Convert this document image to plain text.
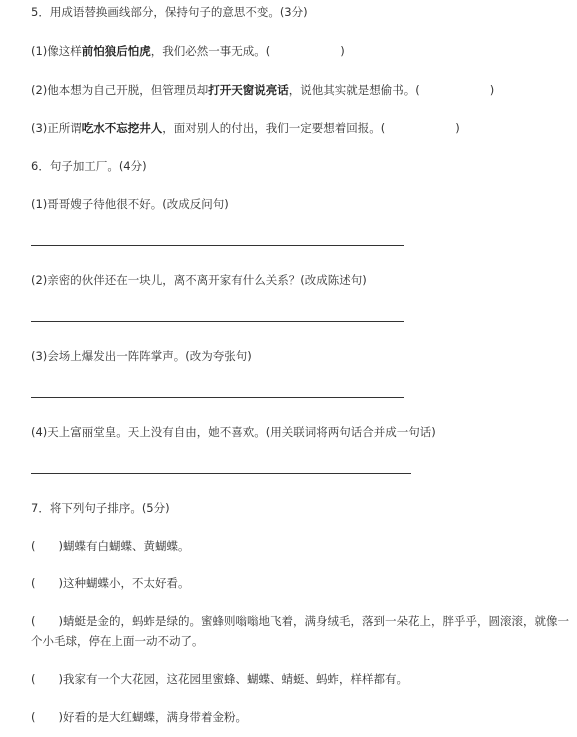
5．用成语替换画线部分，保持句子的意思不变。(3分)
(1)像这样前怕狼后怕虎，我们必然一事无成。(	)
(2)他本想为自己开脱，但管理员却打开天窗说亮话，说他其实就是想偷书。(	)
(3)正所谓吃水不忘挖井人，面对别人的付出，我们一定要想着回报。(	)
6．句子加工厂。(4分)
(1)哥哥嫂子待他很不好。(改成反问句)
(2)亲密的伙伴还在一块儿，离不离开家有什么关系？(改成陈述句)
(3)会场上爆发出一阵阵掌声。(改为夸张句)
(4)天上富丽堂皇。天上没有自由，她不喜欢。(用关联词将两句话合并成一句话)
7．将下列句子排序。(5分)
(　　)蝴蝶有白蝴蝶、黄蝴蝶。
(　　)这种蝴蝶小，不太好看。
(　　)蜻蜓是金的，蚂蚱是绿的。蜜蜂则嗡嗡地飞着，满身绒毛，落到一朵花上，胖乎乎，圆滚滚，就像一个小毛球，停在上面一动不动了。
(　　)我家有一个大花园，这花园里蜜蜂、蝴蝶、蜻蜓、蚂蚱，样样都有。
(　　)好看的是大红蝴蝶，满身带着金粉。
